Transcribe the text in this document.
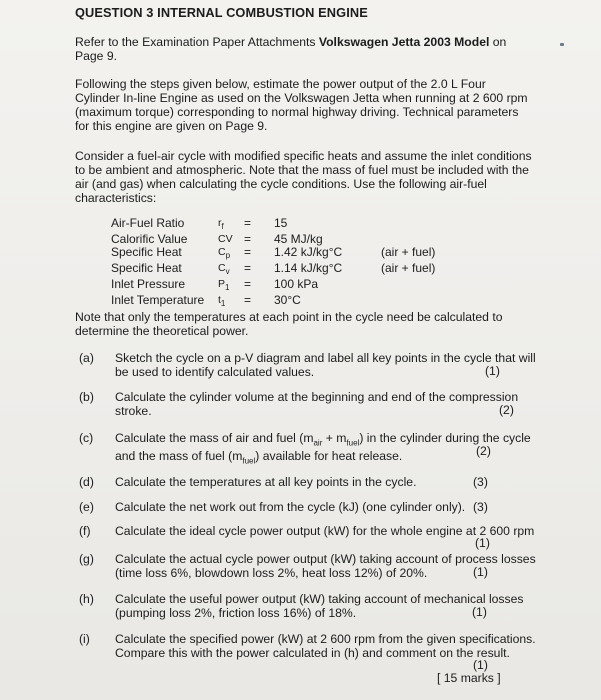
QUESTION 3 INTERNAL COMBUSTION ENGINE
Refer to the Examination Paper Attachments Volkswagen Jetta 2003 Model on
Page 9.
Following the steps given below, estimate the power output of the 2.0 L Four
Cylinder In-line Engine as used on the Volkswagen Jetta when running at 2 600 rpm
(maximum torque) corresponding to normal highway driving. Technical parameters
for this engine are given on Page 9.
Consider a fuel-air cycle with modified specific heats and assume the inlet conditions
to be ambient and atmospheric. Note that the mass of fuel must be included with the
air (and gas) when calculating the cycle conditions. Use the following air-fuel
characteristics:
Air-Fuel Ratio	$r_f$	=	15	
Calorific Value	CV	=	45 MJ/kg	
Specific Heat	$C_p$	=	1.42 kJ/kg°C	(air + fuel)
Specific Heat	$C_v$	=	1.14 kJ/kg°C	(air + fuel)
Inlet Pressure	$P_1$	=	100 kPa	
Inlet Temperature	$t_1$	=	30°C	
Note that only the temperatures at each point in the cycle need be calculated to
determine the theoretical power.
(a) Sketch the cycle on a p-V diagram and label all key points in the cycle that will
be used to identify calculated values.	(1)
(b) Calculate the cylinder volume at the beginning and end of the compression
stroke.	(2)
(c) Calculate the mass of air and fuel $(m_{air} + m_{fuel})$ in the cylinder during the cycle
and the mass of fuel $(m_{fuel})$ available for heat release.	(2)
(d) Calculate the temperatures at all key points in the cycle.	(3)
(e) Calculate the net work out from the cycle (kJ) (one cylinder only). (3)
(f) Calculate the ideal cycle power output (kW) for the whole engine at 2 600 rpm
(1)
(g) Calculate the actual cycle power output (kW) taking account of process losses
(time loss 6%, blowdown loss 2%, heat loss 12%) of 20%.	(1)
(h) Calculate the useful power output (kW) taking account of mechanical losses
(pumping loss 2%, friction loss 16%) of 18%.	(1)
(i) Calculate the specified power (kW) at 2 600 rpm from the given specifications.
Compare this with the power calculated in (h) and comment on the result.
(1)
[ 15 marks ]
